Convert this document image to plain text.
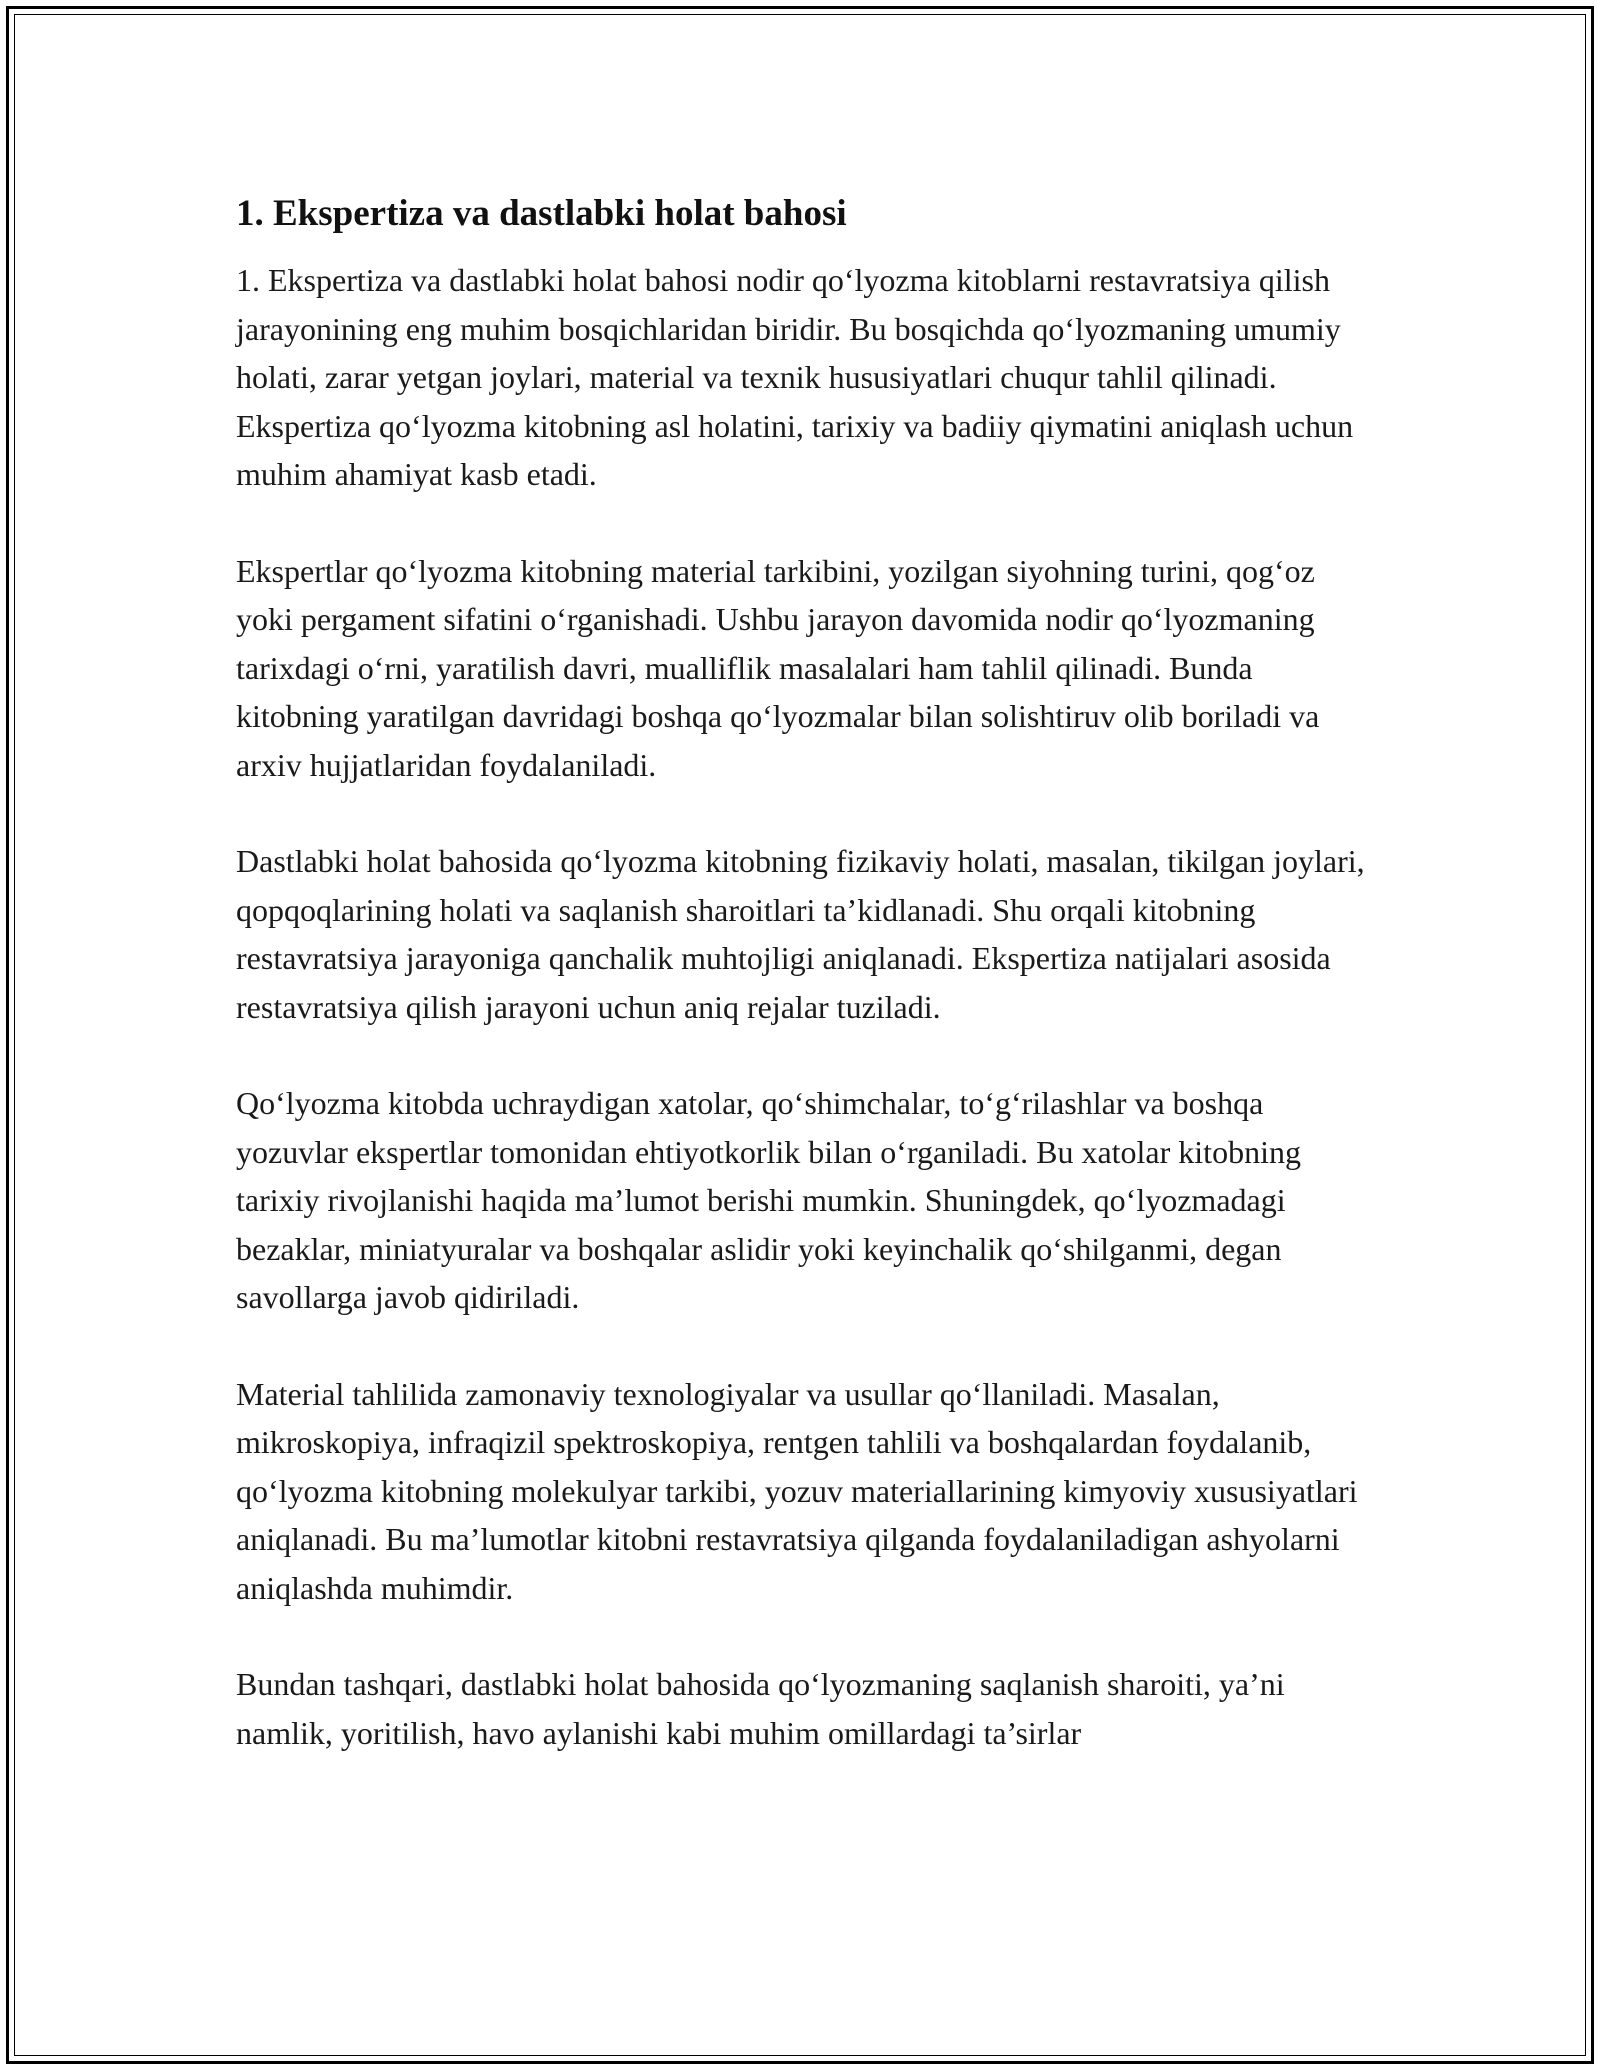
1. Ekspertiza va dastlabki holat bahosi

1. Ekspertiza va dastlabki holat bahosi nodir qo‘lyozma kitoblarni restavratsiya qilish jarayonining eng muhim bosqichlaridan biridir. Bu bosqichda qo‘lyozmaning umumiy holati, zarar yetgan joylari, material va texnik hususiyatlari chuqur tahlil qilinadi. Ekspertiza qo‘lyozma kitobning asl holatini, tarixiy va badiiy qiymatini aniqlash uchun muhim ahamiyat kasb etadi.

Ekspertlar qo‘lyozma kitobning material tarkibini, yozilgan siyohning turini, qog‘oz yoki pergament sifatini o‘rganishadi. Ushbu jarayon davomida nodir qo‘lyozmaning tarixdagi o‘rni, yaratilish davri, mualliflik masalalari ham tahlil qilinadi. Bunda kitobning yaratilgan davridagi boshqa qo‘lyozmalar bilan solishtiruv olib boriladi va arxiv hujjatlaridan foydalaniladi.

Dastlabki holat bahosida qo‘lyozma kitobning fizikaviy holati, masalan, tikilgan joylari, qopqoqlarining holati va saqlanish sharoitlari ta’kidlanadi. Shu orqali kitobning restavratsiya jarayoniga qanchalik muhtojligi aniqlanadi. Ekspertiza natijalari asosida restavratsiya qilish jarayoni uchun aniq rejalar tuziladi.

Qo‘lyozma kitobda uchraydigan xatolar, qo‘shimchalar, to‘g‘rilashlar va boshqa yozuvlar ekspertlar tomonidan ehtiyotkorlik bilan o‘rganiladi. Bu xatolar kitobning tarixiy rivojlanishi haqida ma’lumot berishi mumkin. Shuningdek, qo‘lyozmadagi bezaklar, miniatyuralar va boshqalar aslidir yoki keyinchalik qo‘shilganmi, degan savollarga javob qidiriladi.

Material tahlilida zamonaviy texnologiyalar va usullar qo‘llaniladi. Masalan, mikroskopiya, infraqizil spektroskopiya, rentgen tahlili va boshqalardan foydalanib, qo‘lyozma kitobning molekulyar tarkibi, yozuv materiallarining kimyoviy xususiyatlari aniqlanadi. Bu ma’lumotlar kitobni restavratsiya qilganda foydalaniladigan ashyolarni aniqlashda muhimdir.

Bundan tashqari, dastlabki holat bahosida qo‘lyozmaning saqlanish sharoiti, ya’ni namlik, yoritilish, havo aylanishi kabi muhim omillardagi ta’sirlar
